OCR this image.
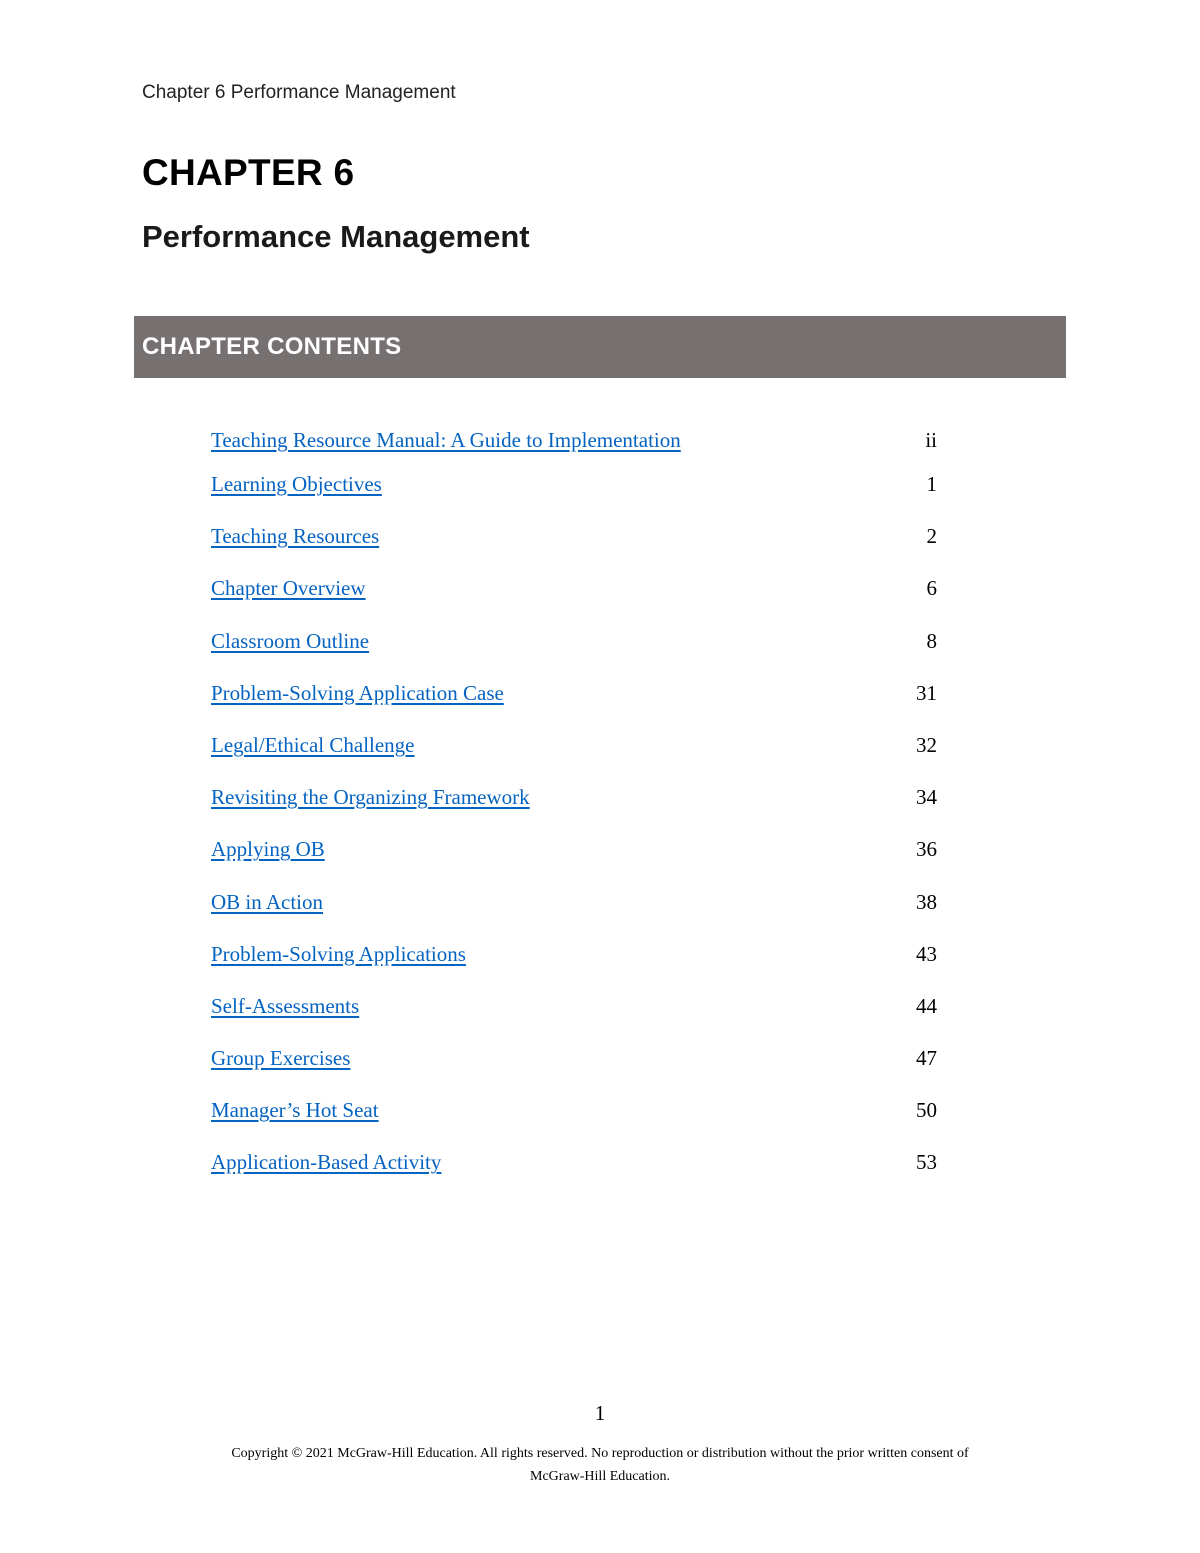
Chapter 6 Performance Management
CHAPTER 6
Performance Management
CHAPTER CONTENTS
Teaching Resource Manual: A Guide to Implementation	ii
Learning Objectives	1
Teaching Resources	2
Chapter Overview	6
Classroom Outline	8
Problem-Solving Application Case	31
Legal/Ethical Challenge	32
Revisiting the Organizing Framework	34
Applying OB	36
OB in Action	38
Problem-Solving Applications	43
Self-Assessments	44
Group Exercises	47
Manager’s Hot Seat	50
Application-Based Activity	53
1
Copyright © 2021 McGraw-Hill Education. All rights reserved. No reproduction or distribution without the prior written consent of
McGraw-Hill Education.
